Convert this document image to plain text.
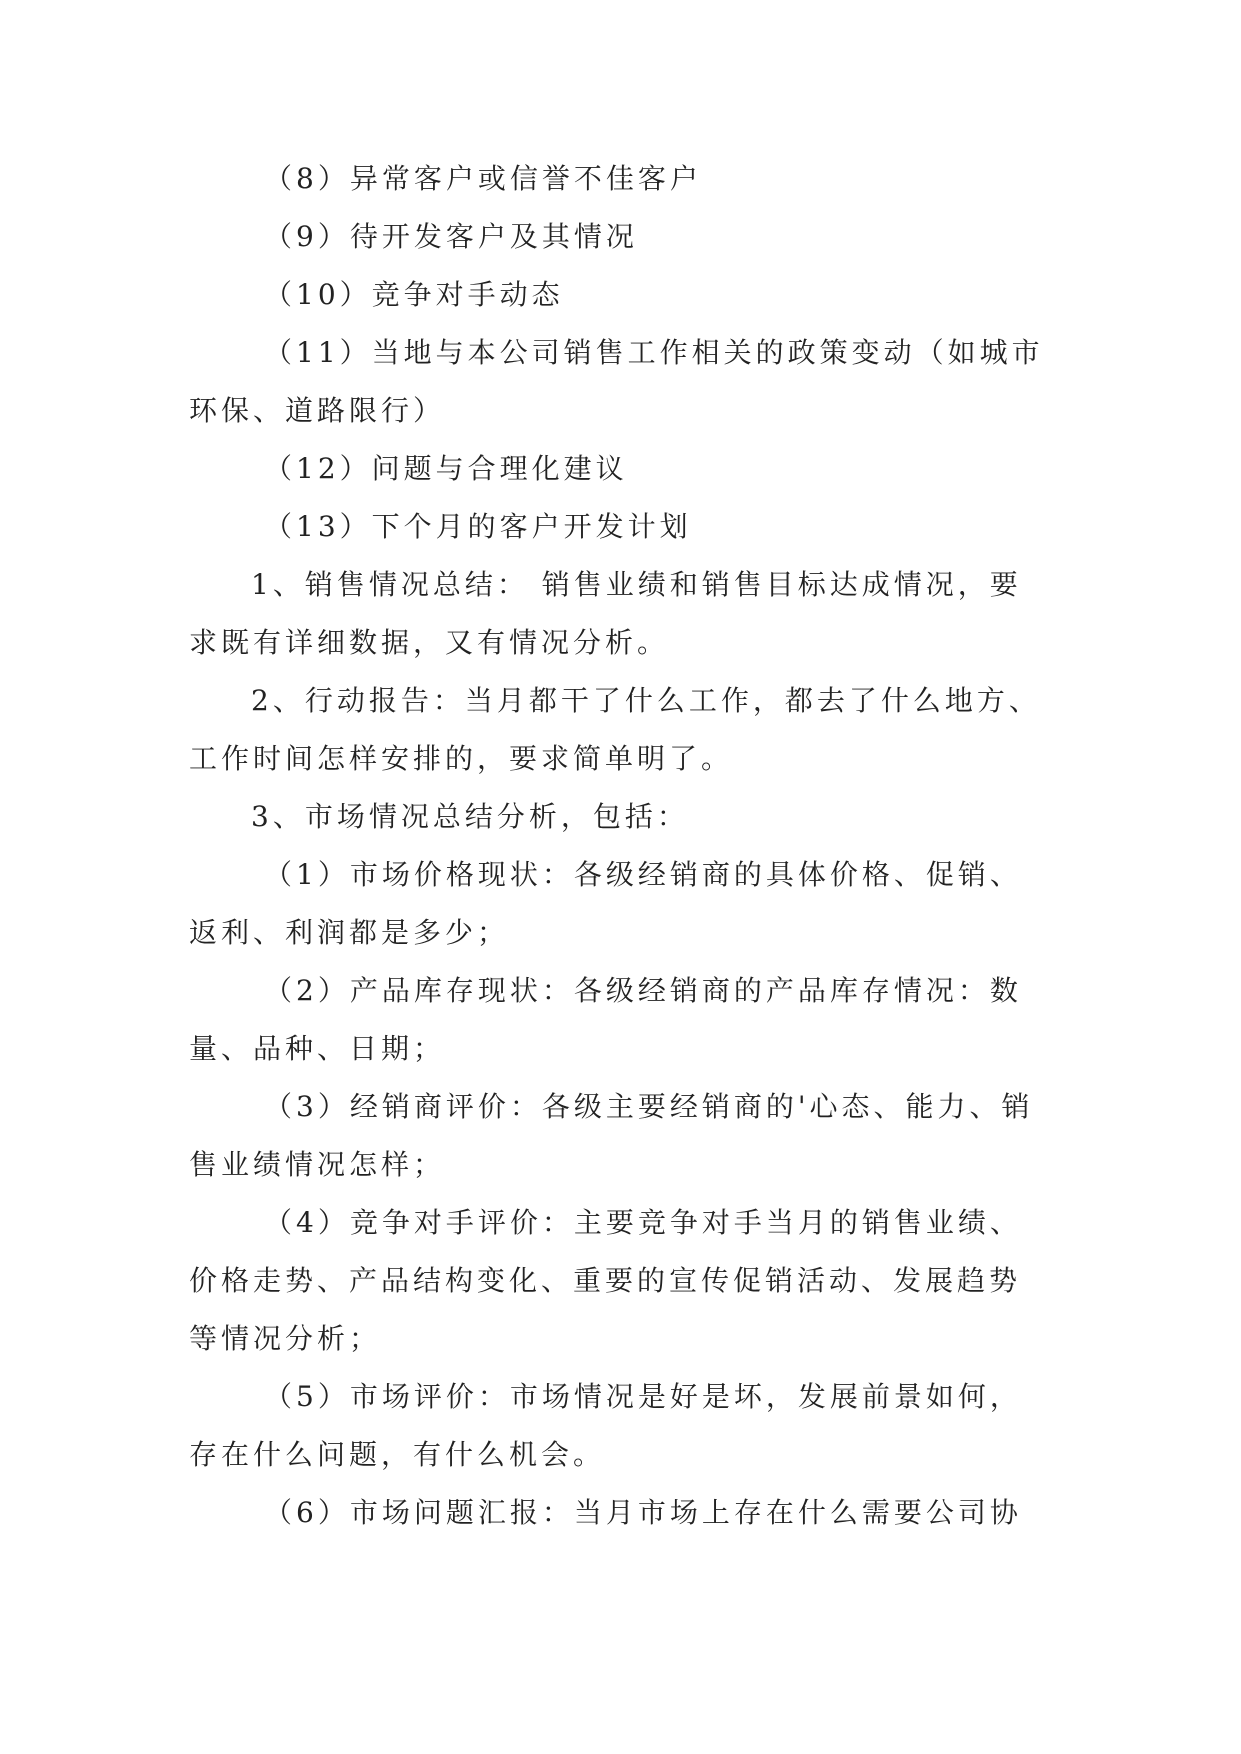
（8）异常客户或信誉不佳客户
（9）待开发客户及其情况
（10）竞争对手动态
（11）当地与本公司销售工作相关的政策变动（如城市
环保、道路限行）
（12）问题与合理化建议
（13）下个月的客户开发计划
1、销售情况总结： 销售业绩和销售目标达成情况，要
求既有详细数据，又有情况分析。
2、行动报告：当月都干了什么工作，都去了什么地方、
工作时间怎样安排的，要求简单明了。
3、市场情况总结分析，包括：
（1）市场价格现状：各级经销商的具体价格、促销、
返利、利润都是多少；
（2）产品库存现状：各级经销商的产品库存情况：数
量、品种、日期；
（3）经销商评价：各级主要经销商的'心态、能力、销
售业绩情况怎样；
（4）竞争对手评价：主要竞争对手当月的销售业绩、
价格走势、产品结构变化、重要的宣传促销活动、发展趋势
等情况分析；
（5）市场评价：市场情况是好是坏，发展前景如何，
存在什么问题，有什么机会。
（6）市场问题汇报：当月市场上存在什么需要公司协
